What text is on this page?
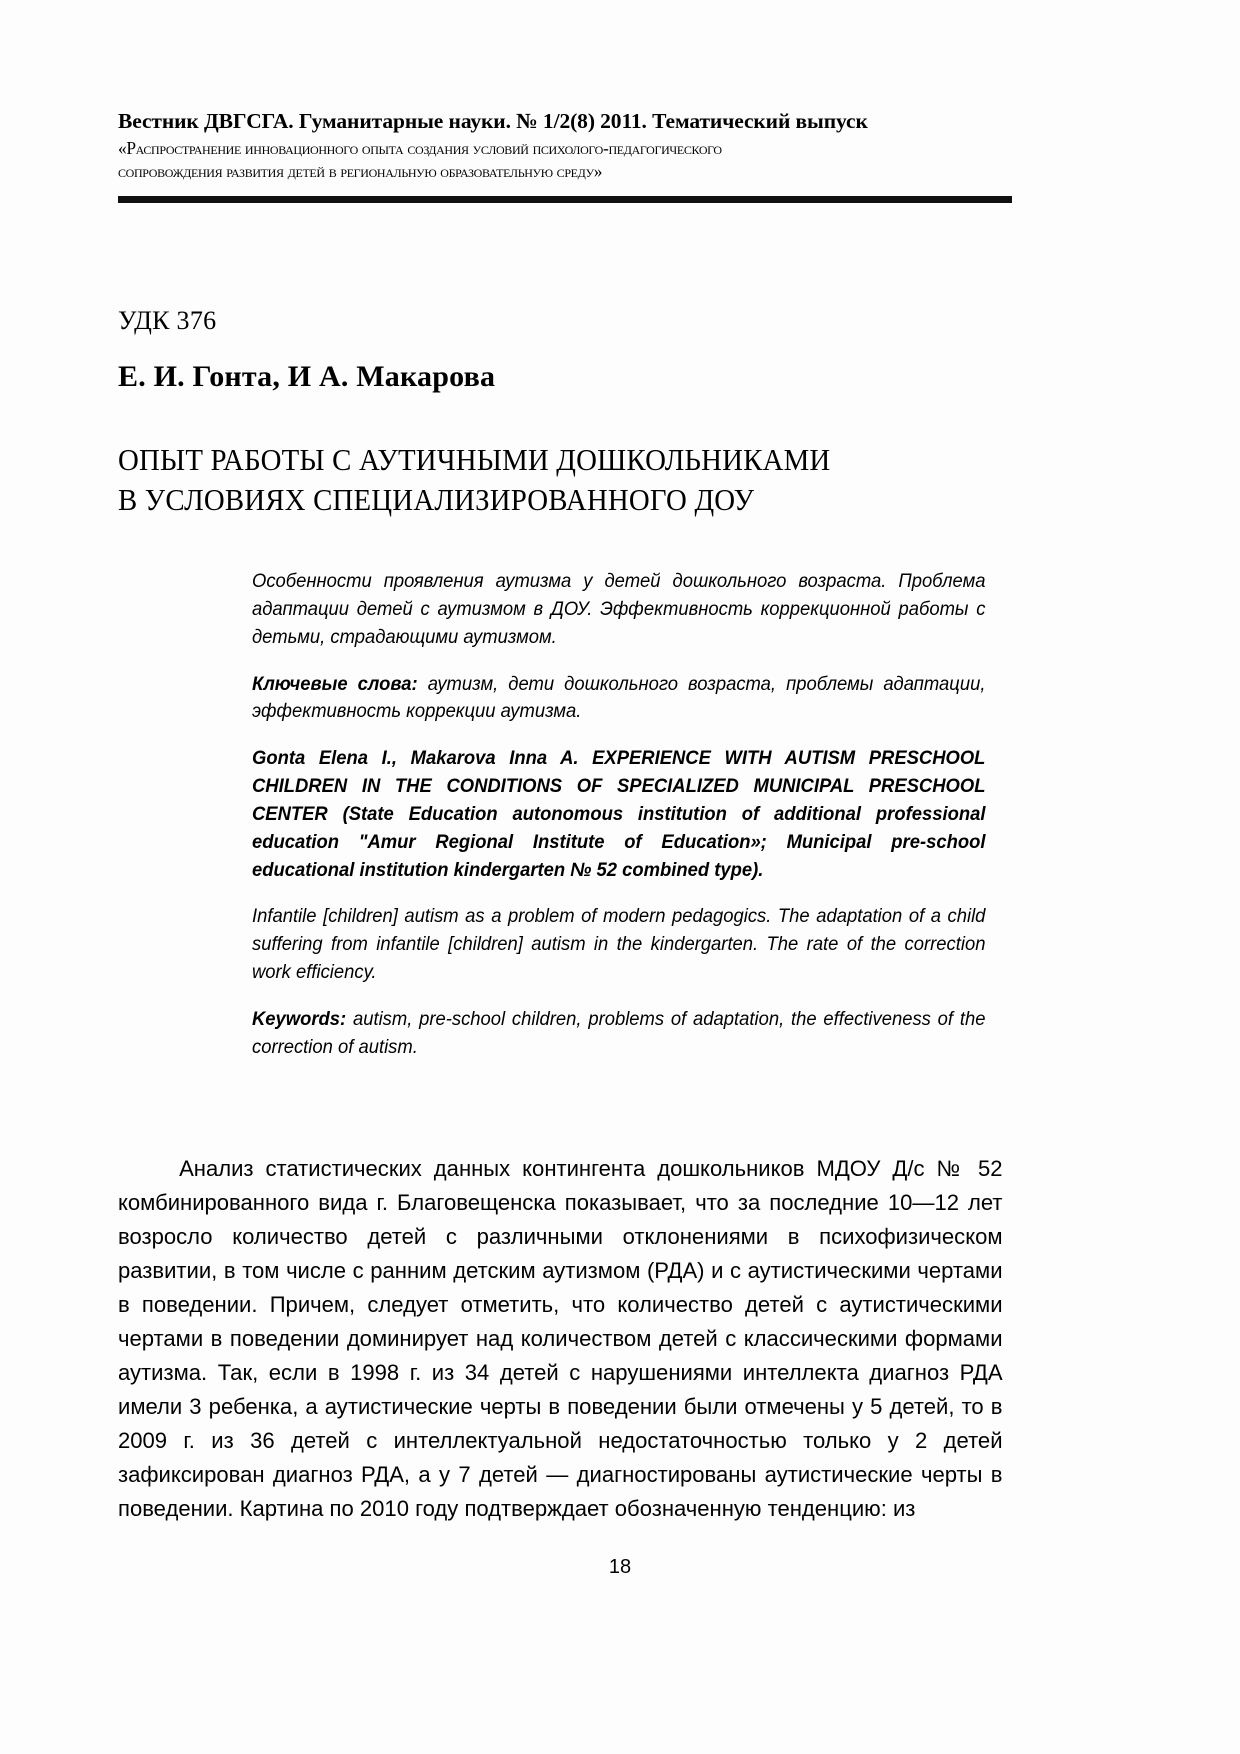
Вестник ДВГСГА. Гуманитарные науки. № 1/2(8) 2011. Тематический выпуск
«Распространение инновационного опыта создания условий психолого-педагогического
сопровождения развития детей в региональную образовательную среду»
УДК 376
Е. И. Гонта, И А. Макарова
ОПЫТ РАБОТЫ С АУТИЧНЫМИ ДОШКОЛЬНИКАМИ
В УСЛОВИЯХ СПЕЦИАЛИЗИРОВАННОГО ДОУ

Особенности проявления аутизма у детей дошкольного возраста. Проблема адаптации детей с аутизмом в ДОУ. Эффективность коррекционной работы с детьми, страдающими аутизмом.

Ключевые слова: аутизм, дети дошкольного возраста, проблемы адаптации, эффективность коррекции аутизма.

Gonta Elena I., Makarova Inna A. EXPERIENCE WITH AUTISM PRESCHOOL CHILDREN IN THE CONDITIONS OF SPECIALIZED MUNICIPAL PRESCHOOL CENTER (State Education autonomous institution of additional professional education "Amur Regional Institute of Education»; Municipal pre-school educational institution kindergarten № 52 combined type).

Infantile [children] autism as a problem of modern pedagogics. The adaptation of a child suffering from infantile [children] autism in the kindergarten. The rate of the correction work efficiency.

Keywords: autism, pre-school children, problems of adaptation, the effectiveness of the correction of autism.

Анализ статистических данных контингента дошкольников МДОУ Д/с № 52 комбинированного вида г. Благовещенска показывает, что за последние 10—12 лет возросло количество детей с различными отклонениями в психофизическом развитии, в том числе с ранним детским аутизмом (РДА) и с аутистическими чертами в поведении. Причем, следует отметить, что количество детей с аутистическими чертами в поведении доминирует над количеством детей с классическими формами аутизма. Так, если в 1998 г. из 34 детей с нарушениями интеллекта диагноз РДА имели 3 ребенка, а аутистические черты в поведении были отмечены у 5 детей, то в 2009 г. из 36 детей с интеллектуальной недостаточностью только у 2 детей зафиксирован диагноз РДА, а у 7 детей — диагностированы аутистические черты в поведении. Картина по 2010 году подтверждает обозначенную тенденцию: из
18
